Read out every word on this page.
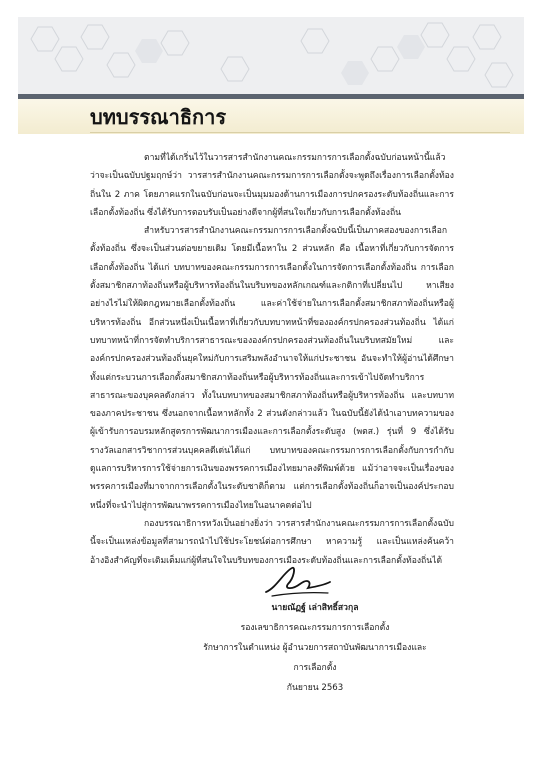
บทบรรณาธิการ

ตามที่ได้เกริ่นไว้ในวารสารสำนักงานคณะกรรมการการเลือกตั้งฉบับก่อนหน้านี้แล้วว่าจะเป็นฉบับปฐมฤกษ์ว่า วารสารสำนักงานคณะกรรมการการเลือกตั้งจะพูดถึงเรื่องการเลือกตั้งท้องถิ่นใน 2 ภาค โดยภาคแรกในฉบับก่อนจะเป็นมุมมองด้านการเมืองการปกครองระดับท้องถิ่นและการเลือกตั้งท้องถิ่น ซึ่งได้รับการตอบรับเป็นอย่างดีจากผู้ที่สนใจเกี่ยวกับการเลือกตั้งท้องถิ่น

สำหรับวารสารสำนักงานคณะกรรมการการเลือกตั้งฉบับนี้เป็นภาคสองของการเลือกตั้งท้องถิ่น ซึ่งจะเป็นส่วนต่อขยายเดิม โดยมีเนื้อหาใน 2 ส่วนหลัก คือ เนื้อหาที่เกี่ยวกับการจัดการเลือกตั้งท้องถิ่น ได้แก่ บทบาทของคณะกรรมการการเลือกตั้งในการจัดการเลือกตั้งท้องถิ่น การเลือกตั้งสมาชิกสภาท้องถิ่นหรือผู้บริหารท้องถิ่นในบริบทของหลักเกณฑ์และกติกาที่เปลี่ยนไป หาเสียงอย่างไรไม่ให้ผิดกฎหมายเลือกตั้งท้องถิ่น และค่าใช้จ่ายในการเลือกตั้งสมาชิกสภาท้องถิ่นหรือผู้บริหารท้องถิ่น อีกส่วนหนึ่งเป็นเนื้อหาที่เกี่ยวกับบทบาทหน้าที่ขององค์กรปกครองส่วนท้องถิ่น ได้แก่ บทบาทหน้าที่การจัดทำบริการสาธารณะขององค์กรปกครองส่วนท้องถิ่นในบริบทสมัยใหม่ และองค์กรปกครองส่วนท้องถิ่นยุคใหม่กับการเสริมพลังอำนาจให้แก่ประชาชน อันจะทำให้ผู้อ่านได้ศึกษาทั้งแต่กระบวนการเลือกตั้งสมาชิกสภาท้องถิ่นหรือผู้บริหารท้องถิ่นและการเข้าไปจัดทำบริการสาธารณะของบุคคลดังกล่าว ทั้งในบทบาทของสมาชิกสภาท้องถิ่นหรือผู้บริหารท้องถิ่น และบทบาทของภาคประชาชน ซึ่งนอกจากเนื้อหาหลักทั้ง 2 ส่วนดังกล่าวแล้ว ในฉบับนี้ยังได้นำเอาบทความของผู้เข้ารับการอบรมหลักสูตรการพัฒนาการเมืองและการเลือกตั้งระดับสูง (พตส.) รุ่นที่ 9 ซึ่งได้รับรางวัลเอกสารวิชาการส่วนบุคคลดีเด่นได้แก่ บทบาทของคณะกรรมการการเลือกตั้งกับการกำกับดูแลการบริหารการใช้จ่ายการเงินของพรรคการเมืองไทยมาลงตีพิมพ์ด้วย แม้ว่าอาจจะเป็นเรื่องของพรรคการเมืองที่มาจากการเลือกตั้งในระดับชาติก็ตาม แต่การเลือกตั้งท้องถิ่นก็อาจเป็นองค์ประกอบหนึ่งที่จะนำไปสู่การพัฒนาพรรคการเมืองไทยในอนาคตต่อไป

กองบรรณาธิการหวังเป็นอย่างยิ่งว่า วารสารสำนักงานคณะกรรมการการเลือกตั้งฉบับนี้จะเป็นแหล่งข้อมูลที่สามารถนำไปใช้ประโยชน์ต่อการศึกษา หาความรู้ และเป็นแหล่งค้นคว้าอ้างอิงสำคัญที่จะเติมเต็มแก่ผู้ที่สนใจในบริบทของการเมืองระดับท้องถิ่นและการเลือกตั้งท้องถิ่นได้

นายณัฏฐ์ เล่าสิทธิ์สวกุล
รองเลขาธิการคณะกรรมการการเลือกตั้ง
รักษาการในตำแหน่ง ผู้อำนวยการสถาบันพัฒนาการเมืองและการเลือกตั้ง
กันยายน 2563
